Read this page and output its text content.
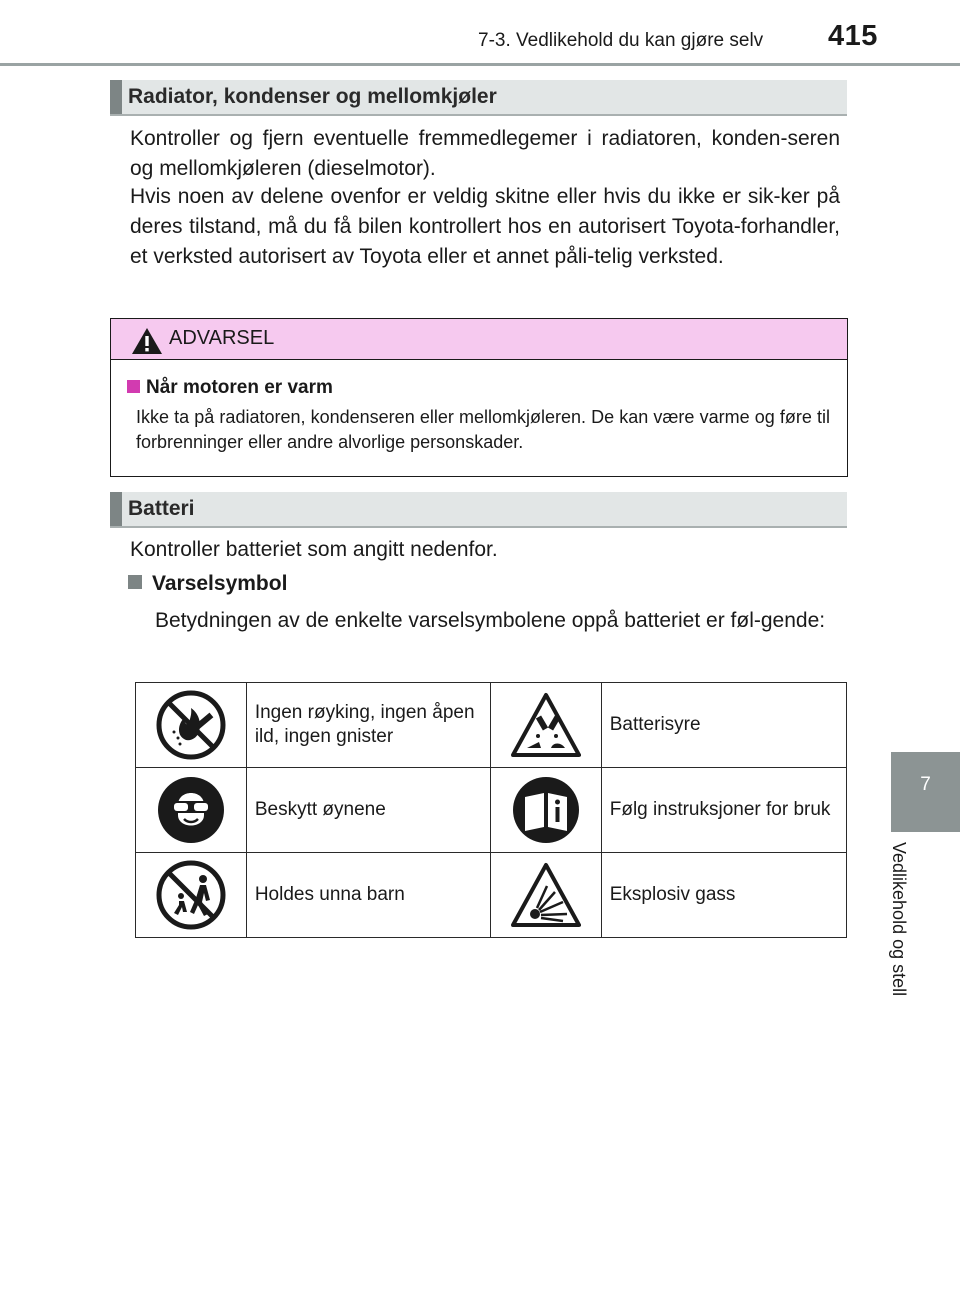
7-3. Vedlikehold du kan gjøre selv 415
7
Vedlikehold og stell
Radiator, kondenser og mellomkjøler
Kontroller og fjern eventuelle fremmedlegemer i radiatoren, konden-seren og mellomkjøleren (dieselmotor).
Hvis noen av delene ovenfor er veldig skitne eller hvis du ikke er sik-ker på deres tilstand, må du få bilen kontrollert hos en autorisert Toyota-forhandler, et verksted autorisert av Toyota eller et annet påli-telig verksted.
ADVARSEL
Når motoren er varm
Ikke ta på radiatoren, kondenseren eller mellomkjøleren. De kan være varme og føre til forbrenninger eller andre alvorlige personskader.
Batteri
Kontroller batteriet som angitt nedenfor.
Varselsymbol
Betydningen av de enkelte varselsymbolene oppå batteriet er føl-gende:
	Ingen røyking, ingen åpen ild, ingen gnister		Batterisyre

	Beskytt øynene		Følg instruksjoner for bruk

	Holdes unna barn		Eksplosiv gass
